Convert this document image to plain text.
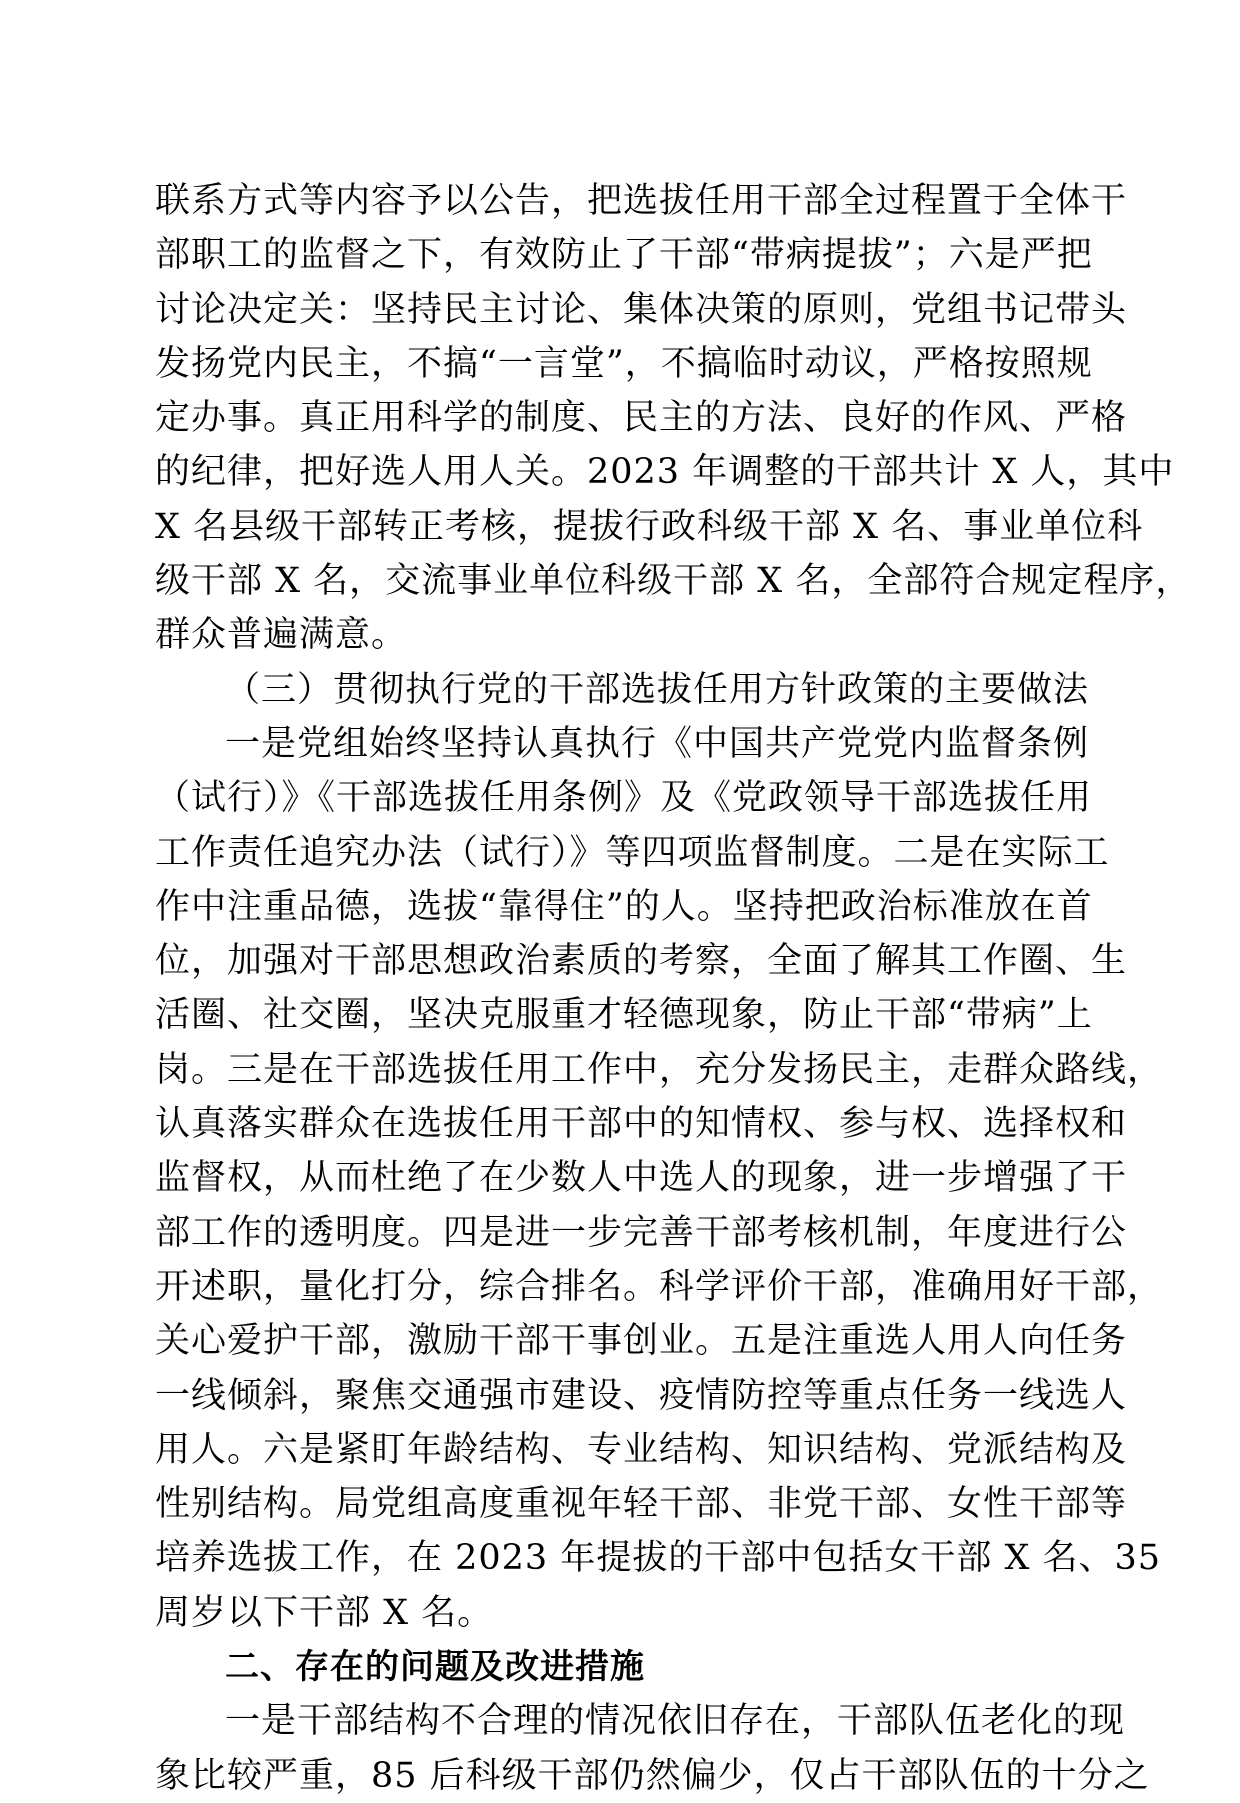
联系方式等内容予以公告，把选拔任用干部全过程置于全体干
部职工的监督之下，有效防止了干部“带病提拔”；六是严把
讨论决定关：坚持民主讨论、集体决策的原则，党组书记带头
发扬党内民主，不搞“一言堂”，不搞临时动议，严格按照规
定办事。真正用科学的制度、民主的方法、良好的作风、严格
的纪律，把好选人用人关。2023 年调整的干部共计 X 人，其中
X 名县级干部转正考核，提拔行政科级干部 X 名、事业单位科
级干部 X 名，交流事业单位科级干部 X 名，全部符合规定程序，
群众普遍满意。
（三）贯彻执行党的干部选拔任用方针政策的主要做法
一是党组始终坚持认真执行《中国共产党党内监督条例
（试行）》《干部选拔任用条例》及《党政领导干部选拔任用
工作责任追究办法（试行）》等四项监督制度。二是在实际工
作中注重品德，选拔“靠得住”的人。坚持把政治标准放在首
位，加强对干部思想政治素质的考察，全面了解其工作圈、生
活圈、社交圈，坚决克服重才轻德现象，防止干部“带病”上
岗。三是在干部选拔任用工作中，充分发扬民主，走群众路线，
认真落实群众在选拔任用干部中的知情权、参与权、选择权和
监督权，从而杜绝了在少数人中选人的现象，进一步增强了干
部工作的透明度。四是进一步完善干部考核机制，年度进行公
开述职，量化打分，综合排名。科学评价干部，准确用好干部，
关心爱护干部，激励干部干事创业。五是注重选人用人向任务
一线倾斜，聚焦交通强市建设、疫情防控等重点任务一线选人
用人。六是紧盯年龄结构、专业结构、知识结构、党派结构及
性别结构。局党组高度重视年轻干部、非党干部、女性干部等
培养选拔工作，在 2023 年提拔的干部中包括女干部 X 名、35
周岁以下干部 X 名。
二、存在的问题及改进措施
一是干部结构不合理的情况依旧存在，干部队伍老化的现
象比较严重，85 后科级干部仍然偏少，仅占干部队伍的十分之
